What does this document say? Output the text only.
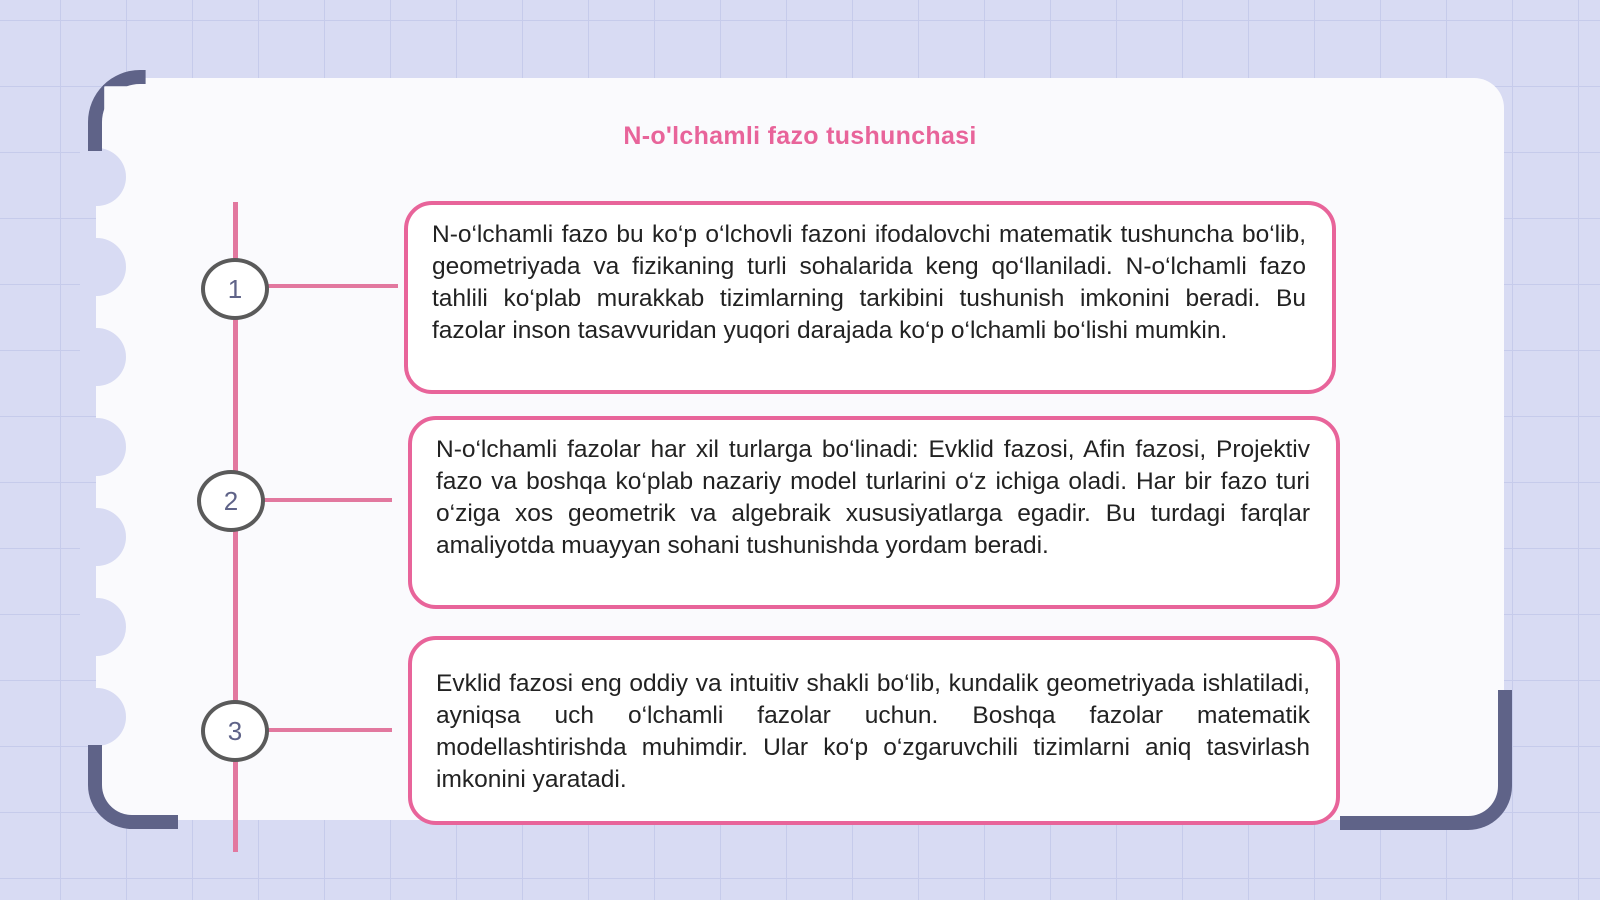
N-o'lchamli fazo tushunchasi
1
2
3
N-o‘lchamli fazo bu ko‘p o‘lchovli fazoni ifodalovchi matematik tushuncha bo‘lib, geometriyada va fizikaning turli sohalarida keng qo‘llaniladi. N-o‘lchamli fazo tahlili ko‘plab murakkab tizimlarning tarkibini tushunish imkonini beradi. Bu fazolar inson tasavvuridan yuqori darajada ko‘p o‘lchamli bo‘lishi mumkin.
N-o‘lchamli fazolar har xil turlarga bo‘linadi: Evklid fazosi, Afin fazosi, Projektiv fazo va boshqa ko‘plab nazariy model turlarini o‘z ichiga oladi. Har bir fazo turi o‘ziga xos geometrik va algebraik xususiyatlarga egadir. Bu turdagi farqlar amaliyotda muayyan sohani tushunishda yordam beradi.
Evklid fazosi eng oddiy va intuitiv shakli bo‘lib, kundalik geometriyada ishlatiladi, ayniqsa uch o‘lchamli fazolar uchun. Boshqa fazolar matematik modellashtirishda muhimdir. Ular ko‘p o‘zgaruvchili tizimlarni aniq tasvirlash imkonini yaratadi.
